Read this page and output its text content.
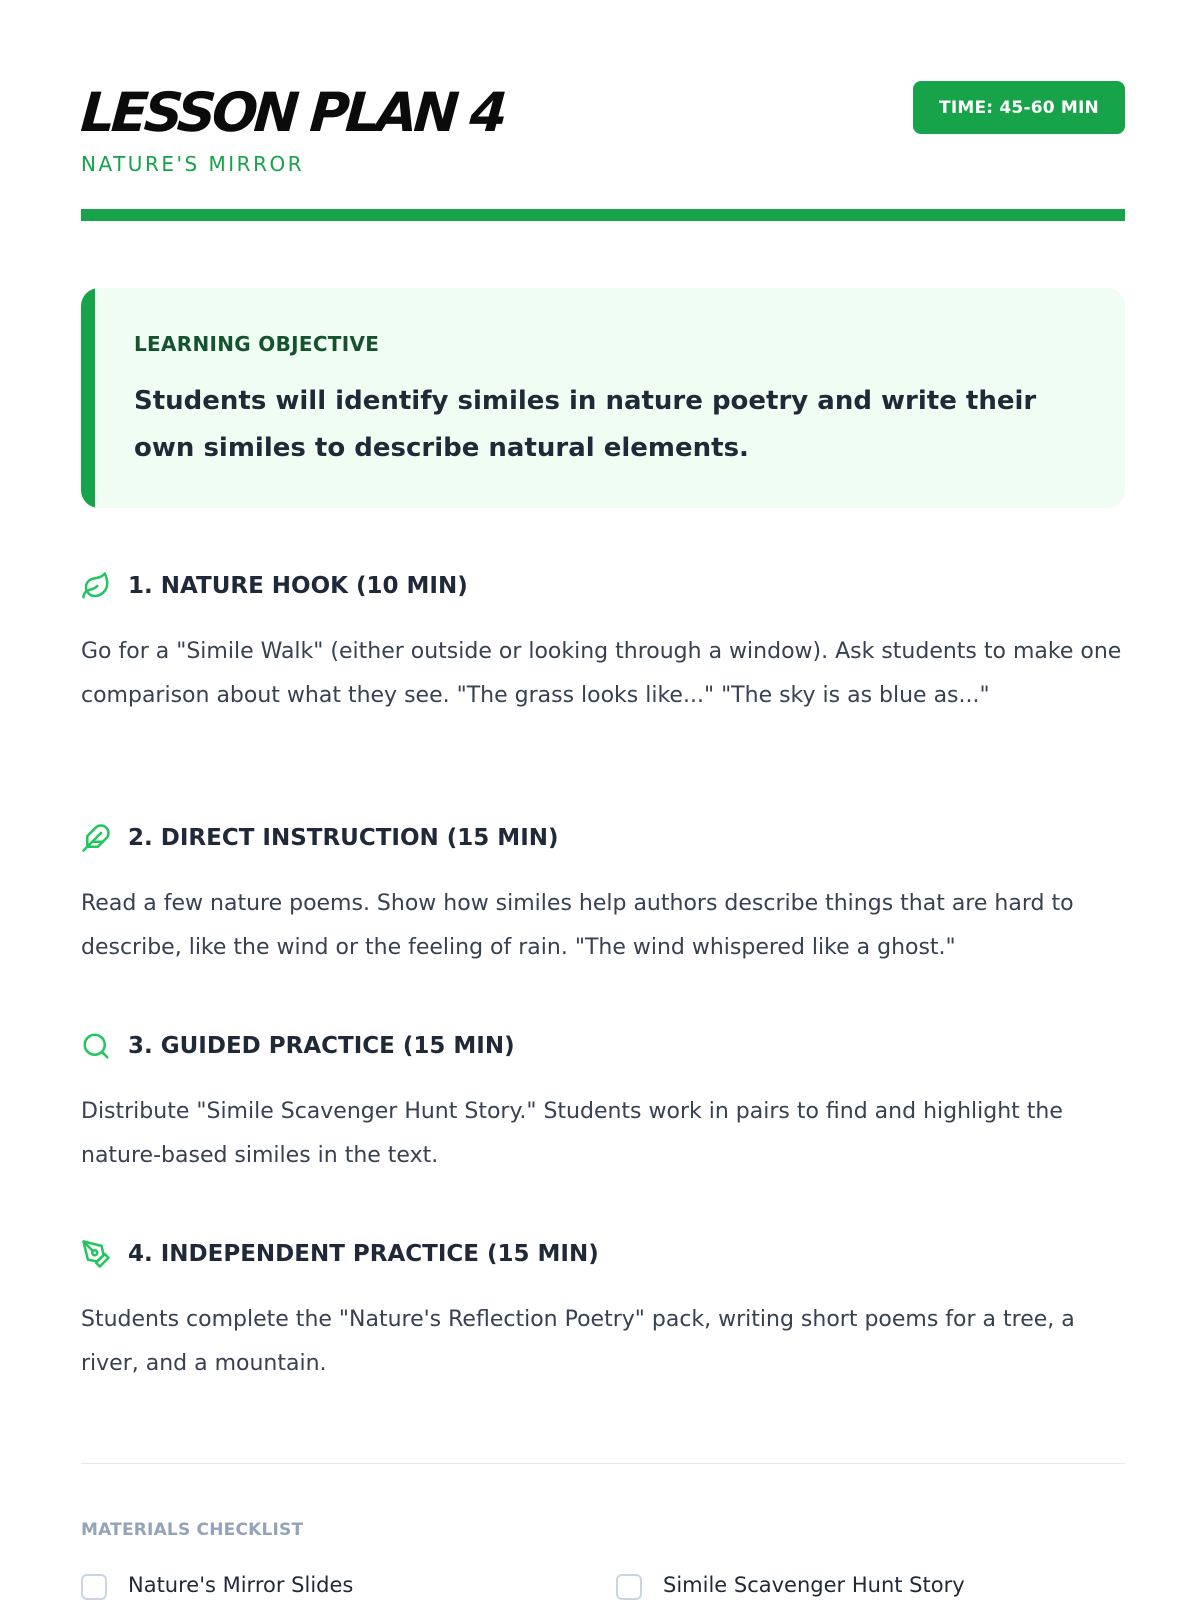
LESSON PLAN 4
NATURE'S MIRROR
TIME: 45-60 MIN
LEARNING OBJECTIVE
Students will identify similes in nature poetry and write their own similes to describe natural elements.
1. NATURE HOOK (10 MIN)
Go for a "Simile Walk" (either outside or looking through a window). Ask students to make one comparison about what they see. "The grass looks like..." "The sky is as blue as..."
2. DIRECT INSTRUCTION (15 MIN)
Read a few nature poems. Show how similes help authors describe things that are hard to describe, like the wind or the feeling of rain. "The wind whispered like a ghost."
3. GUIDED PRACTICE (15 MIN)
Distribute "Simile Scavenger Hunt Story." Students work in pairs to find and highlight the nature-based similes in the text.
4. INDEPENDENT PRACTICE (15 MIN)
Students complete the "Nature's Reflection Poetry" pack, writing short poems for a tree, a river, and a mountain.
MATERIALS CHECKLIST
Nature's Mirror Slides	Simile Scavenger Hunt Story
